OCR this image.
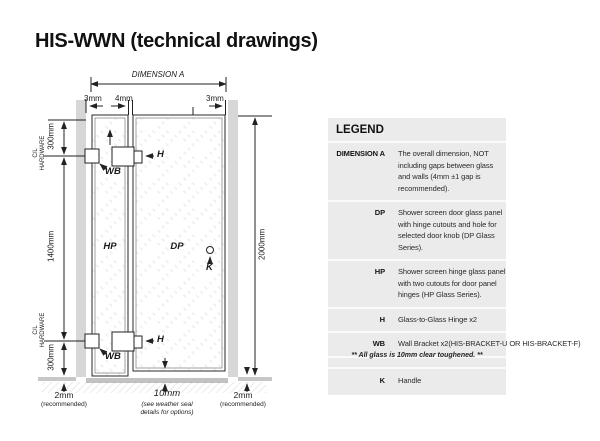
HIS-WWN (technical drawings)
DIMENSION A
3mm 4mm	3mm
300mm
C/L HARDWARE
1400mm
300mm
C/L HARDWARE
2000mm
HP	DP
H
H
WB
WB
K
2mm
(recommended)
10mm
(see weather seal details for options)
2mm
(recommended)
LEGEND
DIMENSION A The overall dimension, NOT including gaps between glass and walls (4mm ±1 gap is recommended).
DP Shower screen door glass panel with hinge cutouts and hole for selected door knob (DP Glass Series).
HP Shower screen hinge glass panel with two cutouts for door panel hinges (HP Glass Series).
H Glass-to-Glass Hinge x2
WB Wall Bracket x2(HIS-BRACKET-U OR HIS-BRACKET-F)
K Handle
** All glass is 10mm clear toughened. **
